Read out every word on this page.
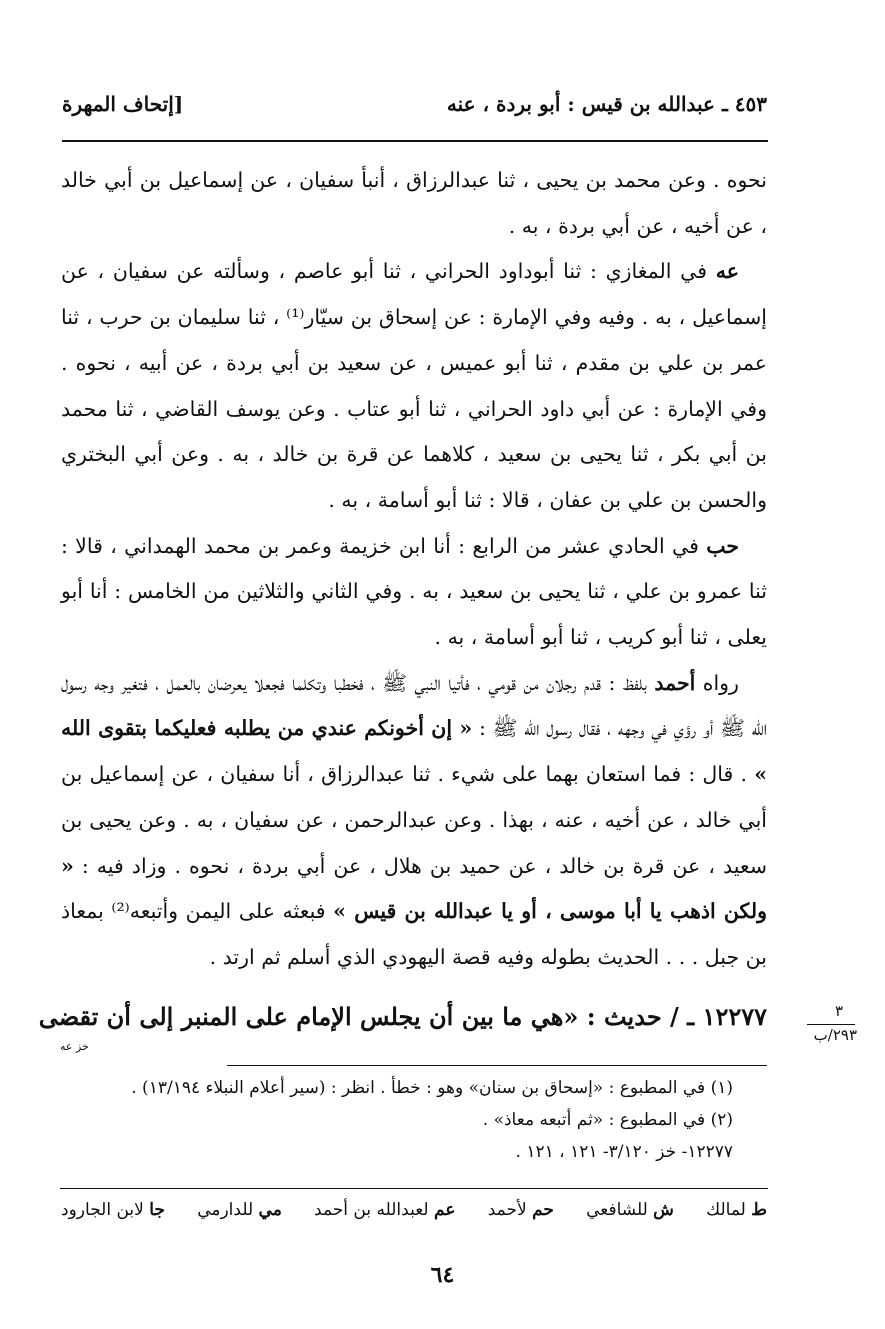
٤٥٣ ـ عبدالله بن قيس : أبو بردة ، عنه
[إتحاف المهرة

نحوه . وعن محمد بن يحيى ، ثنا عبدالرزاق ، أنبأ سفيان ، عن إسماعيل بن أبي خالد ، عن أخيه ، عن أبي بردة ، به .

عه في المغازي : ثنا أبوداود الحراني ، ثنا أبو عاصم ، وسألته عن سفيان ، عن إسماعيل ، به . وفيه وفي الإمارة : عن إسحاق بن سيّار⁽¹⁾ ، ثنا سليمان بن حرب ، ثنا عمر بن علي بن مقدم ، ثنا أبو عميس ، عن سعيد بن أبي بردة ، عن أبيه ، نحوه . وفي الإمارة : عن أبي داود الحراني ، ثنا أبو عتاب . وعن يوسف القاضي ، ثنا محمد بن أبي بكر ، ثنا يحيى بن سعيد ، كلاهما عن قرة بن خالد ، به . وعن أبي البختري والحسن بن علي بن عفان ، قالا : ثنا أبو أسامة ، به .

حب في الحادي عشر من الرابع : أنا ابن خزيمة وعمر بن محمد الهمداني ، قالا : ثنا عمرو بن علي ، ثنا يحيى بن سعيد ، به . وفي الثاني والثلاثين من الخامس : أنا أبو يعلى ، ثنا أبو كريب ، ثنا أبو أسامة ، به .

رواه أحمد بلفظ : قدم رجلان من قومي ، فأتيا النبي ﷺ ، فخطبا وتكلما فجعلا يعرضان بالعمل ، فتغير وجه رسول الله ﷺ أو رؤي في وجهه ، فقال رسول الله ﷺ : « إن أخونكم عندي من يطلبه فعليكما بتقوى الله » . قال : فما استعان بهما على شيء . ثنا عبدالرزاق ، أنا سفيان ، عن إسماعيل بن أبي خالد ، عن أخيه ، عنه ، بهذا . وعن عبدالرحمن ، عن سفيان ، به . وعن يحيى بن سعيد ، عن قرة بن خالد ، عن حميد بن هلال ، عن أبي بردة ، نحوه . وزاد فيه : « ولكن اذهب يا أبا موسى ، أو يا عبدالله بن قيس » فبعثه على اليمن وأتبعه⁽²⁾ بمعاذ بن جبل . . . الحديث بطوله وفيه قصة اليهودي الذي أسلم ثم ارتد .

١٢٢٧٧ ـ / حديث : «هي ما بين أن يجلس الإمام على المنبر إلى أن تقضى
خز عه
٣
٢٩٣/ب
(١) في المطبوع : «إسحاق بن سنان» وهو : خطأ . انظر : (سير أعلام النبلاء ١٣/١٩٤) .
(٢) في المطبوع : «ثم أتبعه معاذ» .
١٢٢٧٧- خز ٣/١٢٠- ١٢١ ، ١٢١ .
ط لمالك
ش للشافعي
حم لأحمد
عم لعبدالله بن أحمد
مي للدارمي
جا لابن الجارود
٦٤
